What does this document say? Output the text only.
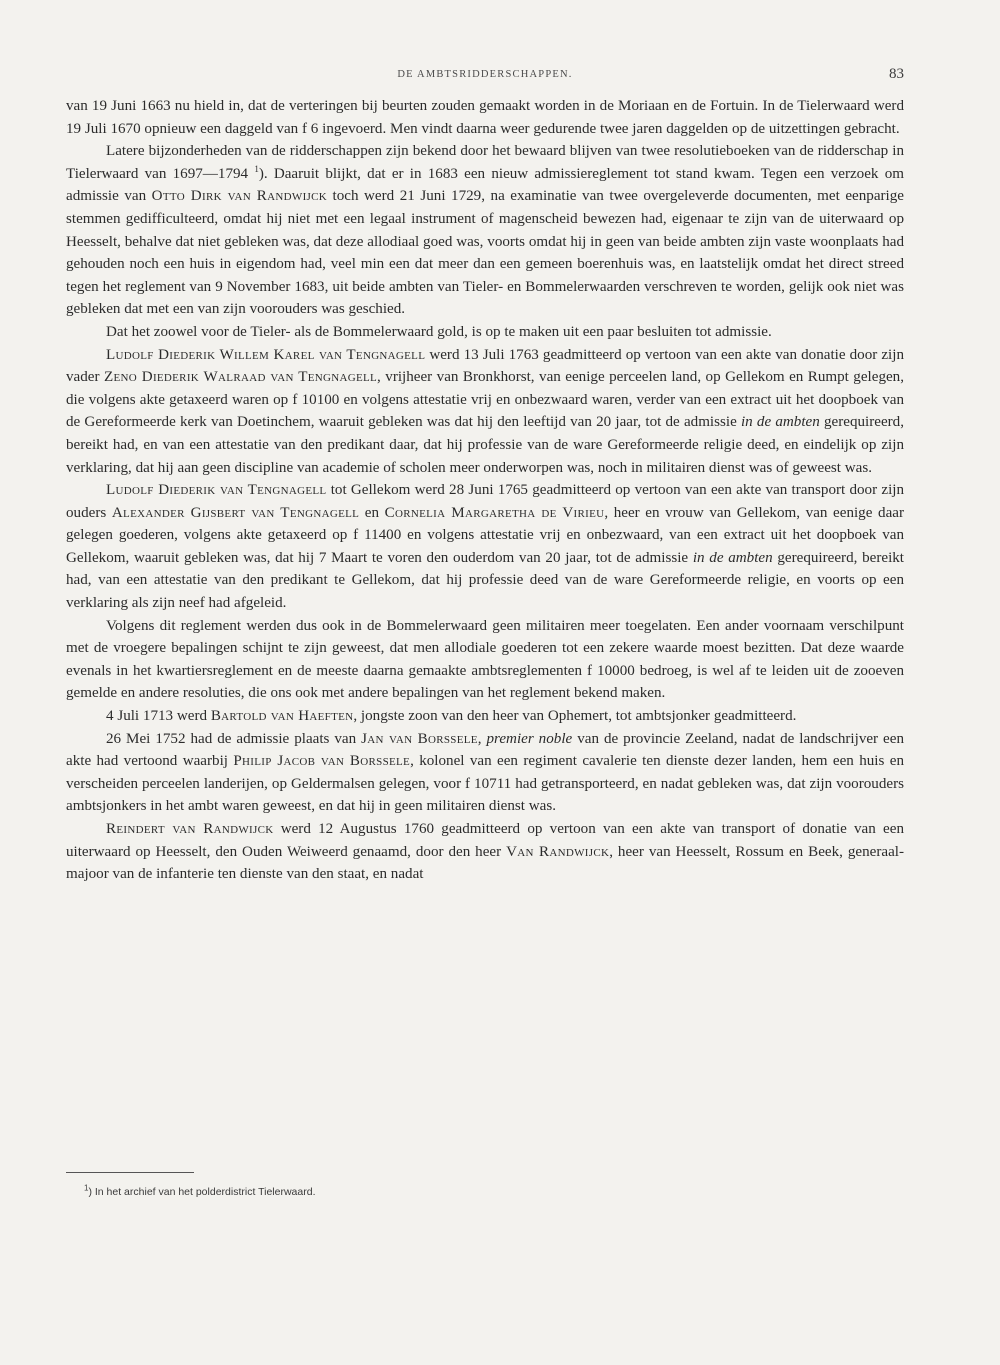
DE AMBTSRIDDERSCHAPPEN.	83

van 19 Juni 1663 nu hield in, dat de verteringen bij beurten zouden gemaakt worden in de Moriaan en de Fortuin. In de Tielerwaard werd 19 Juli 1670 opnieuw een daggeld van f 6 ingevoerd. Men vindt daarna weer gedurende twee jaren daggelden op de uitzettingen gebracht.

Latere bijzonderheden van de ridderschappen zijn bekend door het bewaard blijven van twee resolutieboeken van de ridderschap in Tielerwaard van 1697—1794 $^1$). Daaruit blijkt, dat er in 1683 een nieuw admissiereglement tot stand kwam. Tegen een verzoek om admissie van Otto Dirk van Randwijck toch werd 21 Juni 1729, na examinatie van twee overgeleverde documenten, met eenparige stemmen gedifficulteerd, omdat hij niet met een legaal instrument of magenscheid bewezen had, eigenaar te zijn van de uiterwaard op Heesselt, behalve dat niet gebleken was, dat deze allodiaal goed was, voorts omdat hij in geen van beide ambten zijn vaste woonplaats had gehouden noch een huis in eigendom had, veel min een dat meer dan een gemeen boerenhuis was, en laatstelijk omdat het direct streed tegen het reglement van 9 November 1683, uit beide ambten van Tieler- en Bommelerwaarden verschreven te worden, gelijk ook niet was gebleken dat met een van zijn voorouders was geschied.

Dat het zoowel voor de Tieler- als de Bommelerwaard gold, is op te maken uit een paar besluiten tot admissie.

Ludolf Diederik Willem Karel van Tengnagell werd 13 Juli 1763 geadmitteerd op vertoon van een akte van donatie door zijn vader Zeno Diederik Walraad van Tengnagell, vrijheer van Bronkhorst, van eenige perceelen land, op Gellekom en Rumpt gelegen, die volgens akte getaxeerd waren op f 10100 en volgens attestatie vrij en onbezwaard waren, verder van een extract uit het doopboek van de Gereformeerde kerk van Doetinchem, waaruit gebleken was dat hij den leeftijd van 20 jaar, tot de admissie in de ambten gerequireerd, bereikt had, en van een attestatie van den predikant daar, dat hij professie van de ware Gereformeerde religie deed, en eindelijk op zijn verklaring, dat hij aan geen discipline van academie of scholen meer onderworpen was, noch in militairen dienst was of geweest was.

Ludolf Diederik van Tengnagell tot Gellekom werd 28 Juni 1765 geadmitteerd op vertoon van een akte van transport door zijn ouders Alexander Gijsbert van Tengnagell en Cornelia Margaretha de Virieu, heer en vrouw van Gellekom, van eenige daar gelegen goederen, volgens akte getaxeerd op f 11400 en volgens attestatie vrij en onbezwaard, van een extract uit het doopboek van Gellekom, waaruit gebleken was, dat hij 7 Maart te voren den ouderdom van 20 jaar, tot de admissie in de ambten gerequireerd, bereikt had, van een attestatie van den predikant te Gellekom, dat hij professie deed van de ware Gereformeerde religie, en voorts op een verklaring als zijn neef had afgeleid.

Volgens dit reglement werden dus ook in de Bommelerwaard geen militairen meer toegelaten. Een ander voornaam verschilpunt met de vroegere bepalingen schijnt te zijn geweest, dat men allodiale goederen tot een zekere waarde moest bezitten. Dat deze waarde evenals in het kwartiersreglement en de meeste daarna gemaakte ambtsreglementen f 10000 bedroeg, is wel af te leiden uit de zooeven gemelde en andere resoluties, die ons ook met andere bepalingen van het reglement bekend maken.

4 Juli 1713 werd Bartold van Haeften, jongste zoon van den heer van Ophemert, tot ambtsjonker geadmitteerd.

26 Mei 1752 had de admissie plaats van Jan van Borssele, premier noble van de provincie Zeeland, nadat de landschrijver een akte had vertoond waarbij Philip Jacob van Borssele, kolonel van een regiment cavalerie ten dienste dezer landen, hem een huis en verscheiden perceelen landerijen, op Geldermalsen gelegen, voor f 10711 had getransporteerd, en nadat gebleken was, dat zijn voorouders ambtsjonkers in het ambt waren geweest, en dat hij in geen militairen dienst was.

Reindert van Randwijck werd 12 Augustus 1760 geadmitteerd op vertoon van een akte van transport of donatie van een uiterwaard op Heesselt, den Ouden Weiweerd genaamd, door den heer Van Randwijck, heer van Heesselt, Rossum en Beek, generaal-majoor van de infanterie ten dienste van den staat, en nadat

$^1$) In het archief van het polderdistrict Tielerwaard.
